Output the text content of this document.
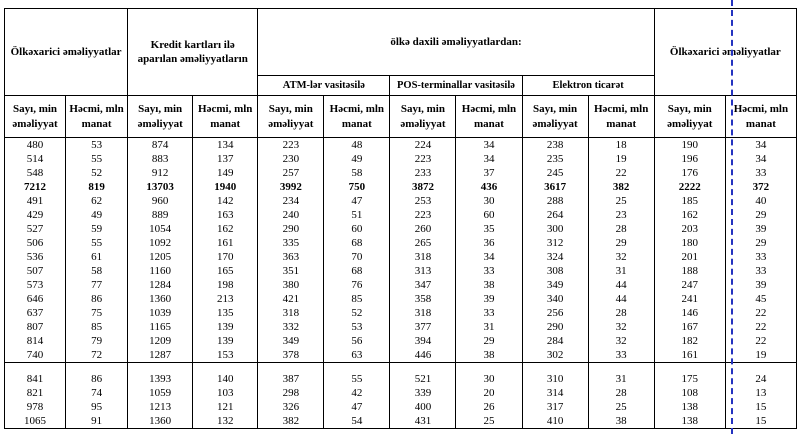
Ölkəxarici əməliyyatlar		Kredit kartları ilə aparılan əməliyyatların		ölkə daxili əməliyyatlardan:						Ölkəxarici əməliyyatlar	
				ATM-lər vasitəsilə		POS-terminallar vasitəsilə		Elektron ticarət			
Sayı, min əməliyyat	Həcmi, mln manat	Sayı, min əməliyyat	Həcmi, mln manat	Sayı, min əməliyyat	Həcmi, mln manat	Sayı, min əməliyyat	Həcmi, mln manat	Sayı, min əməliyyat	Həcmi, mln manat	Sayı, min əməliyyat	Həcmi, mln manat
480	53	874	134	223	48	224	34	238	18	190	34
514	55	883	137	230	49	223	34	235	19	196	34
548	52	912	149	257	58	233	37	245	22	176	33
7212	819	13703	1940	3992	750	3872	436	3617	382	2222	372
491	62	960	142	234	47	253	30	288	25	185	40
429	49	889	163	240	51	223	60	264	23	162	29
527	59	1054	162	290	60	260	35	300	28	203	39
506	55	1092	161	335	68	265	36	312	29	180	29
536	61	1205	170	363	70	318	34	324	32	201	33
507	58	1160	165	351	68	313	33	308	31	188	33
573	77	1284	198	380	76	347	38	349	44	247	39
646	86	1360	213	421	85	358	39	340	44	241	45
637	75	1039	135	318	52	318	33	256	28	146	22
807	85	1165	139	332	53	377	31	290	32	167	22
814	79	1209	139	349	56	394	29	284	32	182	22
740	72	1287	153	378	63	446	38	302	33	161	19

841	86	1393	140	387	55	521	30	310	31	175	24
821	74	1059	103	298	42	339	20	314	28	108	13
978	95	1213	121	326	47	400	26	317	25	138	15
1065	91	1360	132	382	54	431	25	410	38	138	15
